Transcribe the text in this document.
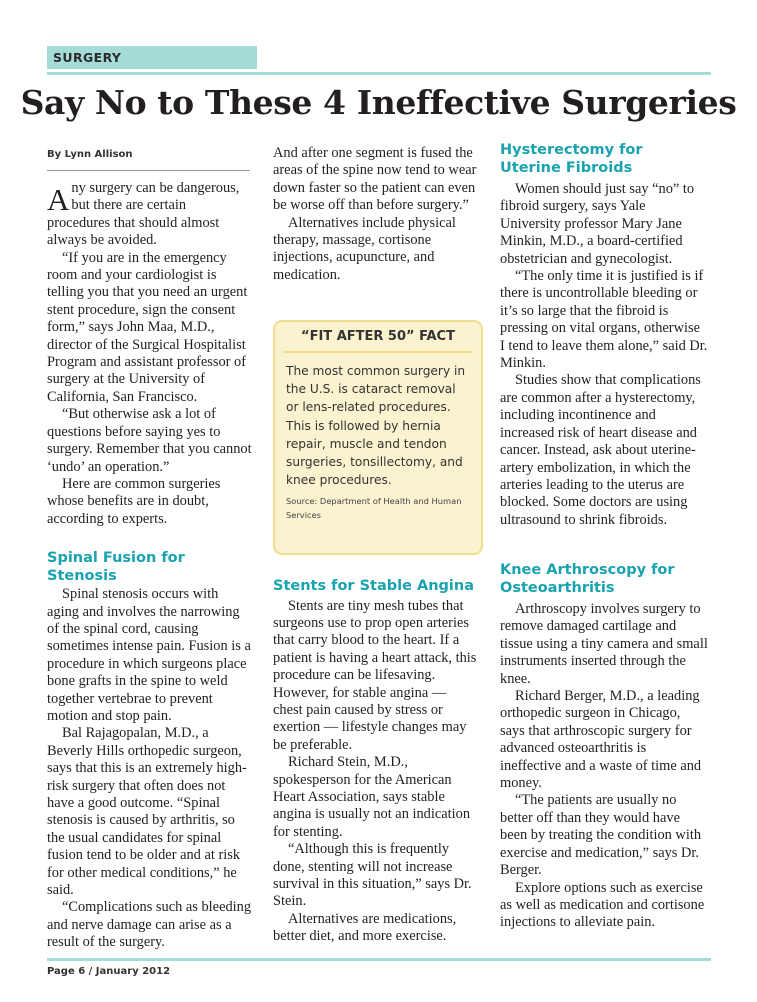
SURGERY
Say No to These 4 Ineffective Surgeries
By Lynn Allison

Any surgery can be dangerous, but there are certain procedures that should almost always be avoided.

“If you are in the emergency room and your cardiologist is telling you that you need an urgent stent procedure, sign the consent form,” says John Maa, M.D., director of the Surgical Hospitalist Program and assistant professor of surgery at the University of California, San Francisco.

“But otherwise ask a lot of questions before saying yes to surgery. Remember that you cannot ‘undo’ an operation.”

Here are common surgeries whose benefits are in doubt, according to experts.

Spinal Fusion for Stenosis

Spinal stenosis occurs with aging and involves the narrowing of the spinal cord, causing sometimes intense pain. Fusion is a procedure in which surgeons place bone grafts in the spine to weld together vertebrae to prevent motion and stop pain.

Bal Rajagopalan, M.D., a Beverly Hills orthopedic surgeon, says that this is an extremely high-risk surgery that often does not have a good outcome. “Spinal stenosis is caused by arthritis, so the usual candidates for spinal fusion tend to be older and at risk for other medical conditions,” he said.

“Complications such as bleeding and nerve damage can arise as a result of the surgery.

And after one segment is fused the areas of the spine now tend to wear down faster so the patient can even be worse off than before surgery.”

Alternatives include physical therapy, massage, cortisone injections, acupuncture, and medication.

“FIT AFTER 50” FACT
The most common surgery in the U.S. is cataract removal or lens-related procedures. This is followed by hernia repair, muscle and tendon surgeries, tonsillectomy, and knee procedures.
Source: Department of Health and Human Services
Stents for Stable Angina

Stents are tiny mesh tubes that surgeons use to prop open arteries that carry blood to the heart. If a patient is having a heart attack, this procedure can be lifesaving. However, for stable angina — chest pain caused by stress or exertion — lifestyle changes may be preferable.

Richard Stein, M.D., spokesperson for the American Heart Association, says stable angina is usually not an indication for stenting.

“Although this is frequently done, stenting will not increase survival in this situation,” says Dr. Stein.

Alternatives are medications, better diet, and more exercise.

Hysterectomy for Uterine Fibroids

Women should just say “no” to fibroid surgery, says Yale University professor Mary Jane Minkin, M.D., a board-certified obstetrician and gynecologist.

“The only time it is justified is if there is uncontrollable bleeding or it’s so large that the fibroid is pressing on vital organs, otherwise I tend to leave them alone,” said Dr. Minkin.

Studies show that complications are common after a hysterectomy, including incontinence and increased risk of heart disease and cancer. Instead, ask about uterine-artery embolization, in which the arteries leading to the uterus are blocked. Some doctors are using ultrasound to shrink fibroids.

Knee Arthroscopy for Osteoarthritis

Arthroscopy involves surgery to remove damaged cartilage and tissue using a tiny camera and small instruments inserted through the knee.

Richard Berger, M.D., a leading orthopedic surgeon in Chicago, says that arthroscopic surgery for advanced osteoarthritis is ineffective and a waste of time and money.

“The patients are usually no better off than they would have been by treating the condition with exercise and medication,” says Dr. Berger.

Explore options such as exercise as well as medication and cortisone injections to alleviate pain.

Page 6 / January 2012
